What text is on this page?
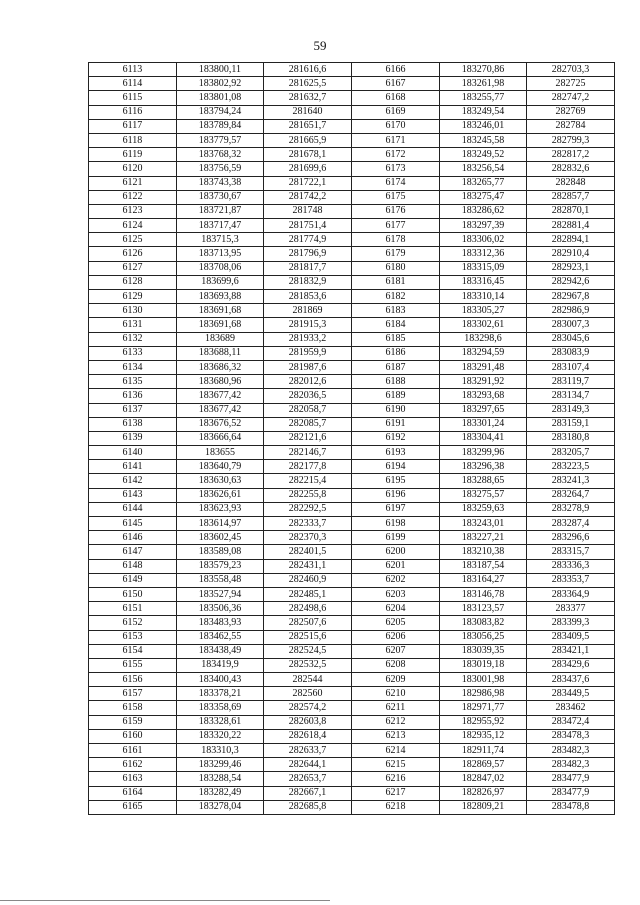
59
6113	183800,11	281616,6	6166	183270,86	282703,3
6114	183802,92	281625,5	6167	183261,98	282725
6115	183801,08	281632,7	6168	183255,77	282747,2
6116	183794,24	281640	6169	183249,54	282769
6117	183789,84	281651,7	6170	183246,01	282784
6118	183779,57	281665,9	6171	183245,58	282799,3
6119	183768,32	281678,1	6172	183249,52	282817,2
6120	183756,59	281699,6	6173	183256,54	282832,6
6121	183743,38	281722,1	6174	183265,77	282848
6122	183730,67	281742,2	6175	183275,47	282857,7
6123	183721,87	281748	6176	183286,62	282870,1
6124	183717,47	281751,4	6177	183297,39	282881,4
6125	183715,3	281774,9	6178	183306,02	282894,1
6126	183713,95	281796,9	6179	183312,36	282910,4
6127	183708,06	281817,7	6180	183315,09	282923,1
6128	183699,6	281832,9	6181	183316,45	282942,6
6129	183693,88	281853,6	6182	183310,14	282967,8
6130	183691,68	281869	6183	183305,27	282986,9
6131	183691,68	281915,3	6184	183302,61	283007,3
6132	183689	281933,2	6185	183298,6	283045,6
6133	183688,11	281959,9	6186	183294,59	283083,9
6134	183686,32	281987,6	6187	183291,48	283107,4
6135	183680,96	282012,6	6188	183291,92	283119,7
6136	183677,42	282036,5	6189	183293,68	283134,7
6137	183677,42	282058,7	6190	183297,65	283149,3
6138	183676,52	282085,7	6191	183301,24	283159,1
6139	183666,64	282121,6	6192	183304,41	283180,8
6140	183655	282146,7	6193	183299,96	283205,7
6141	183640,79	282177,8	6194	183296,38	283223,5
6142	183630,63	282215,4	6195	183288,65	283241,3
6143	183626,61	282255,8	6196	183275,57	283264,7
6144	183623,93	282292,5	6197	183259,63	283278,9
6145	183614,97	282333,7	6198	183243,01	283287,4
6146	183602,45	282370,3	6199	183227,21	283296,6
6147	183589,08	282401,5	6200	183210,38	283315,7
6148	183579,23	282431,1	6201	183187,54	283336,3
6149	183558,48	282460,9	6202	183164,27	283353,7
6150	183527,94	282485,1	6203	183146,78	283364,9
6151	183506,36	282498,6	6204	183123,57	283377
6152	183483,93	282507,6	6205	183083,82	283399,3
6153	183462,55	282515,6	6206	183056,25	283409,5
6154	183438,49	282524,5	6207	183039,35	283421,1
6155	183419,9	282532,5	6208	183019,18	283429,6
6156	183400,43	282544	6209	183001,98	283437,6
6157	183378,21	282560	6210	182986,98	283449,5
6158	183358,69	282574,2	6211	182971,77	283462
6159	183328,61	282603,8	6212	182955,92	283472,4
6160	183320,22	282618,4	6213	182935,12	283478,3
6161	183310,3	282633,7	6214	182911,74	283482,3
6162	183299,46	282644,1	6215	182869,57	283482,3
6163	183288,54	282653,7	6216	182847,02	283477,9
6164	183282,49	282667,1	6217	182826,97	283477,9
6165	183278,04	282685,8	6218	182809,21	283478,8
